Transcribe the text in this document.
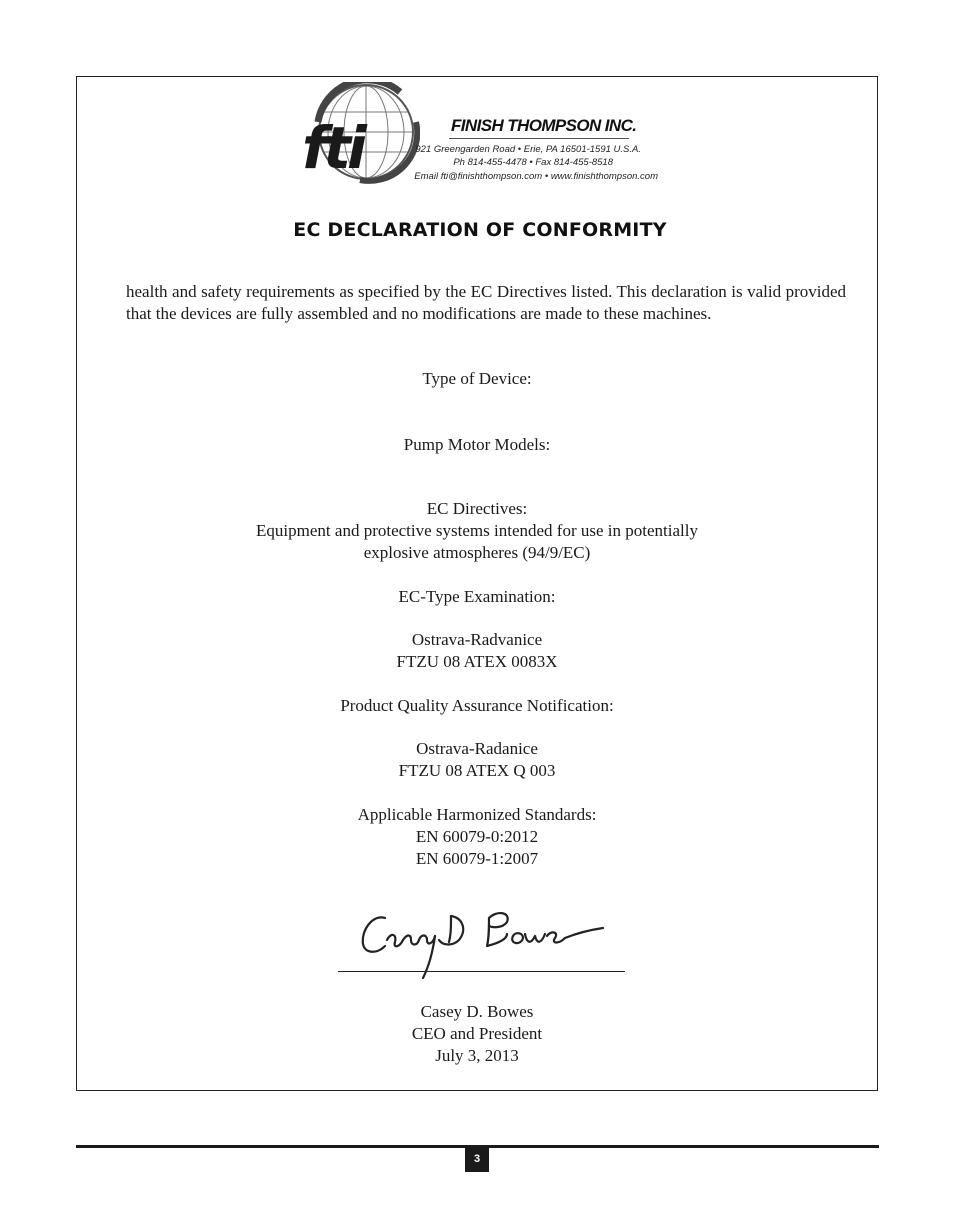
fti	FINISH THOMPSON INC.
921 Greengarden Road • Erie, PA 16501-1591 U.S.A.
Ph 814-455-4478 • Fax 814-455-8518
Email fti@finishthompson.com • www.finishthompson.com
EC DECLARATION OF CONFORMITY
health and safety requirements as specified by the EC Directives listed. This declaration is valid provided that the devices are fully assembled and no modifications are made to these machines.
Type of Device:
Pump Motor Models:
EC Directives:
Equipment and protective systems intended for use in potentially
explosive atmospheres (94/9/EC)
EC-Type Examination:
Ostrava-Radvanice
FTZU 08 ATEX 0083X
Product Quality Assurance Notification:
Ostrava-Radanice
FTZU 08 ATEX Q 003
Applicable Harmonized Standards:
EN 60079-0:2012
EN 60079-1:2007
Casey D. Bowes
CEO and President
July 3, 2013
3
